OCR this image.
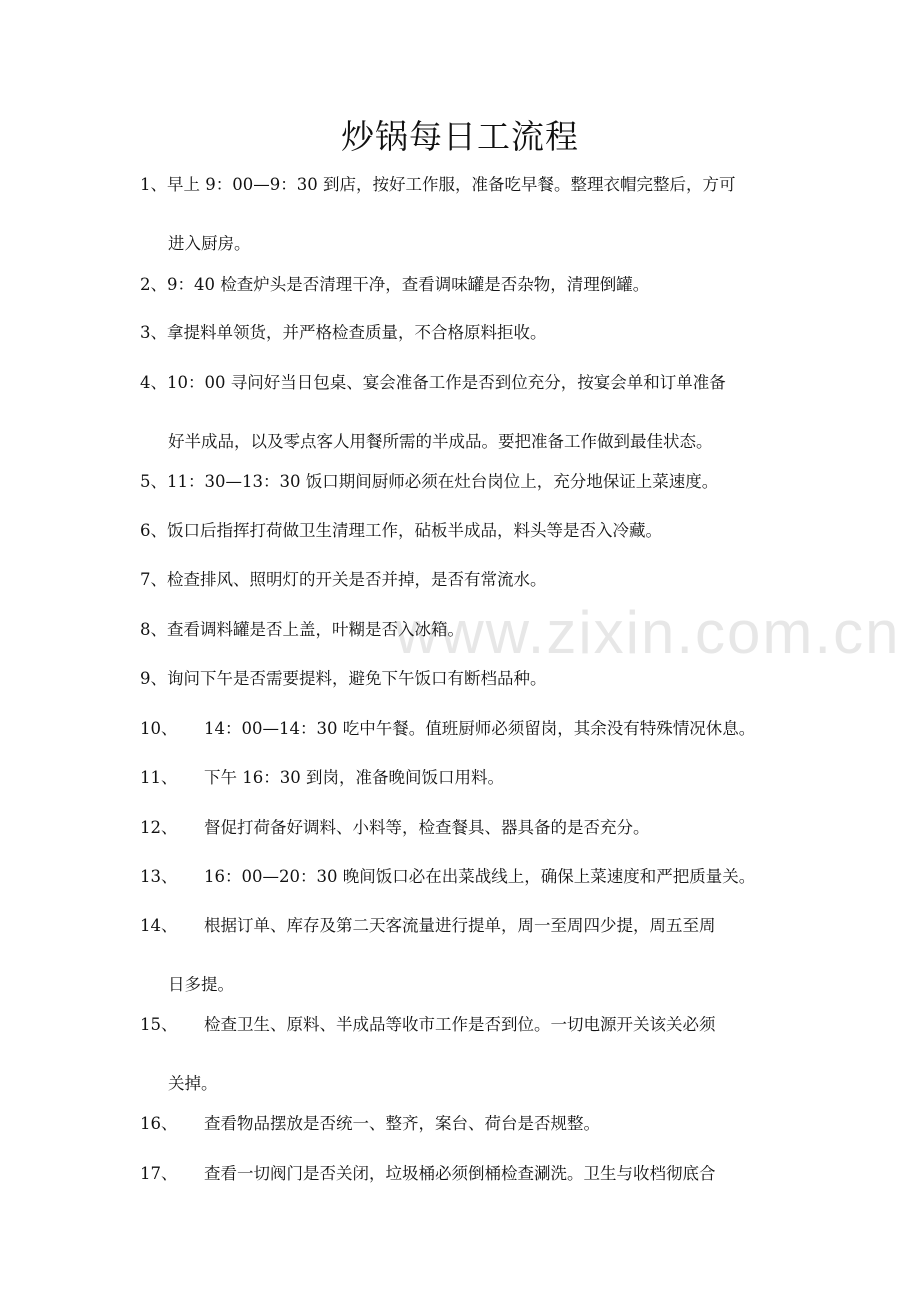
炒锅每日工流程
www.zixin.com.cn
1、早上 9：00—9：30 到店，按好工作服，准备吃早餐。整理衣帽完整后，方可
进入厨房。
2、9：40 检查炉头是否清理干净，查看调味罐是否杂物，清理倒罐。
3、拿提料单领货，并严格检查质量，不合格原料拒收。
4、10：00 寻问好当日包桌、宴会准备工作是否到位充分，按宴会单和订单准备
好半成品，以及零点客人用餐所需的半成品。要把准备工作做到最佳状态。
5、11：30—13：30 饭口期间厨师必须在灶台岗位上，充分地保证上菜速度。
6、饭口后指挥打荷做卫生清理工作，砧板半成品，料头等是否入冷藏。
7、检查排风、照明灯的开关是否并掉，是否有常流水。
8、查看调料罐是否上盖，叶糊是否入冰箱。
9、询问下午是否需要提料，避免下午饭口有断档品种。
10、 14：00—14：30 吃中午餐。值班厨师必须留岗，其余没有特殊情况休息。
11、 下午 16：30 到岗，准备晚间饭口用料。
12、 督促打荷备好调料、小料等，检查餐具、器具备的是否充分。
13、 16：00—20：30 晚间饭口必在出菜战线上，确保上菜速度和严把质量关。
14、 根据订单、库存及第二天客流量进行提单，周一至周四少提，周五至周
日多提。
15、 检查卫生、原料、半成品等收市工作是否到位。一切电源开关该关必须
关掉。
16、 查看物品摆放是否统一、整齐，案台、荷台是否规整。
17、 查看一切阀门是否关闭，垃圾桶必须倒桶检查涮洗。卫生与收档彻底合
